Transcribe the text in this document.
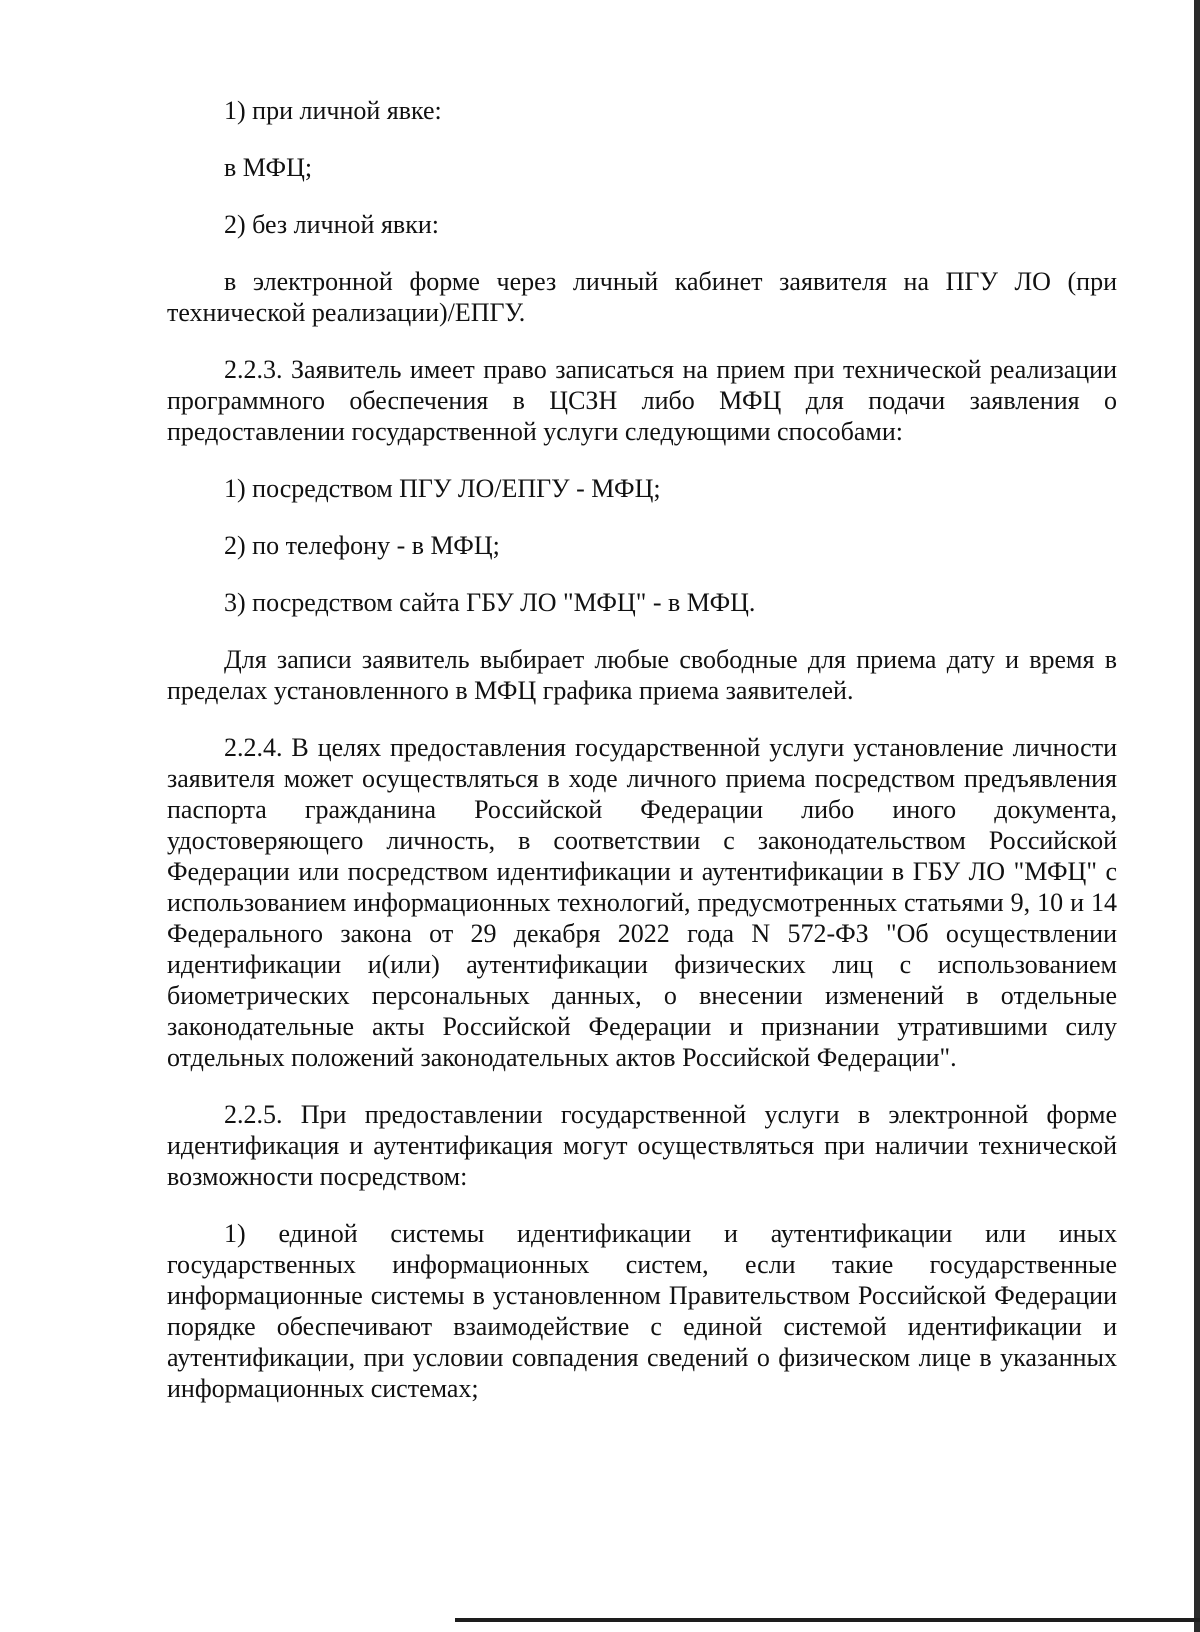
1) при личной явке:

в МФЦ;

2) без личной явки:

в электронной форме через личный кабинет заявителя на ПГУ ЛО (при технической реализации)/ЕПГУ.

2.2.3. Заявитель имеет право записаться на прием при технической реализации программного обеспечения в ЦСЗН либо МФЦ для подачи заявления о предоставлении государственной услуги следующими способами:

1) посредством ПГУ ЛО/ЕПГУ - МФЦ;

2) по телефону - в МФЦ;

3) посредством сайта ГБУ ЛО "МФЦ" - в МФЦ.

Для записи заявитель выбирает любые свободные для приема дату и время в пределах установленного в МФЦ графика приема заявителей.

2.2.4. В целях предоставления государственной услуги установление личности заявителя может осуществляться в ходе личного приема посредством предъявления паспорта гражданина Российской Федерации либо иного документа, удостоверяющего личность, в соответствии с законодательством Российской Федерации или посредством идентификации и аутентификации в ГБУ ЛО "МФЦ" с использованием информационных технологий, предусмотренных статьями 9, 10 и 14 Федерального закона от 29 декабря 2022 года N 572-ФЗ "Об осуществлении идентификации и(или) аутентификации физических лиц с использованием биометрических персональных данных, о внесении изменений в отдельные законодательные акты Российской Федерации и признании утратившими силу отдельных положений законодательных актов Российской Федерации".

2.2.5. При предоставлении государственной услуги в электронной форме идентификация и аутентификация могут осуществляться при наличии технической возможности посредством:

1) единой системы идентификации и аутентификации или иных государственных информационных систем, если такие государственные информационные системы в установленном Правительством Российской Федерации порядке обеспечивают взаимодействие с единой системой идентификации и аутентификации, при условии совпадения сведений о физическом лице в указанных информационных системах;
